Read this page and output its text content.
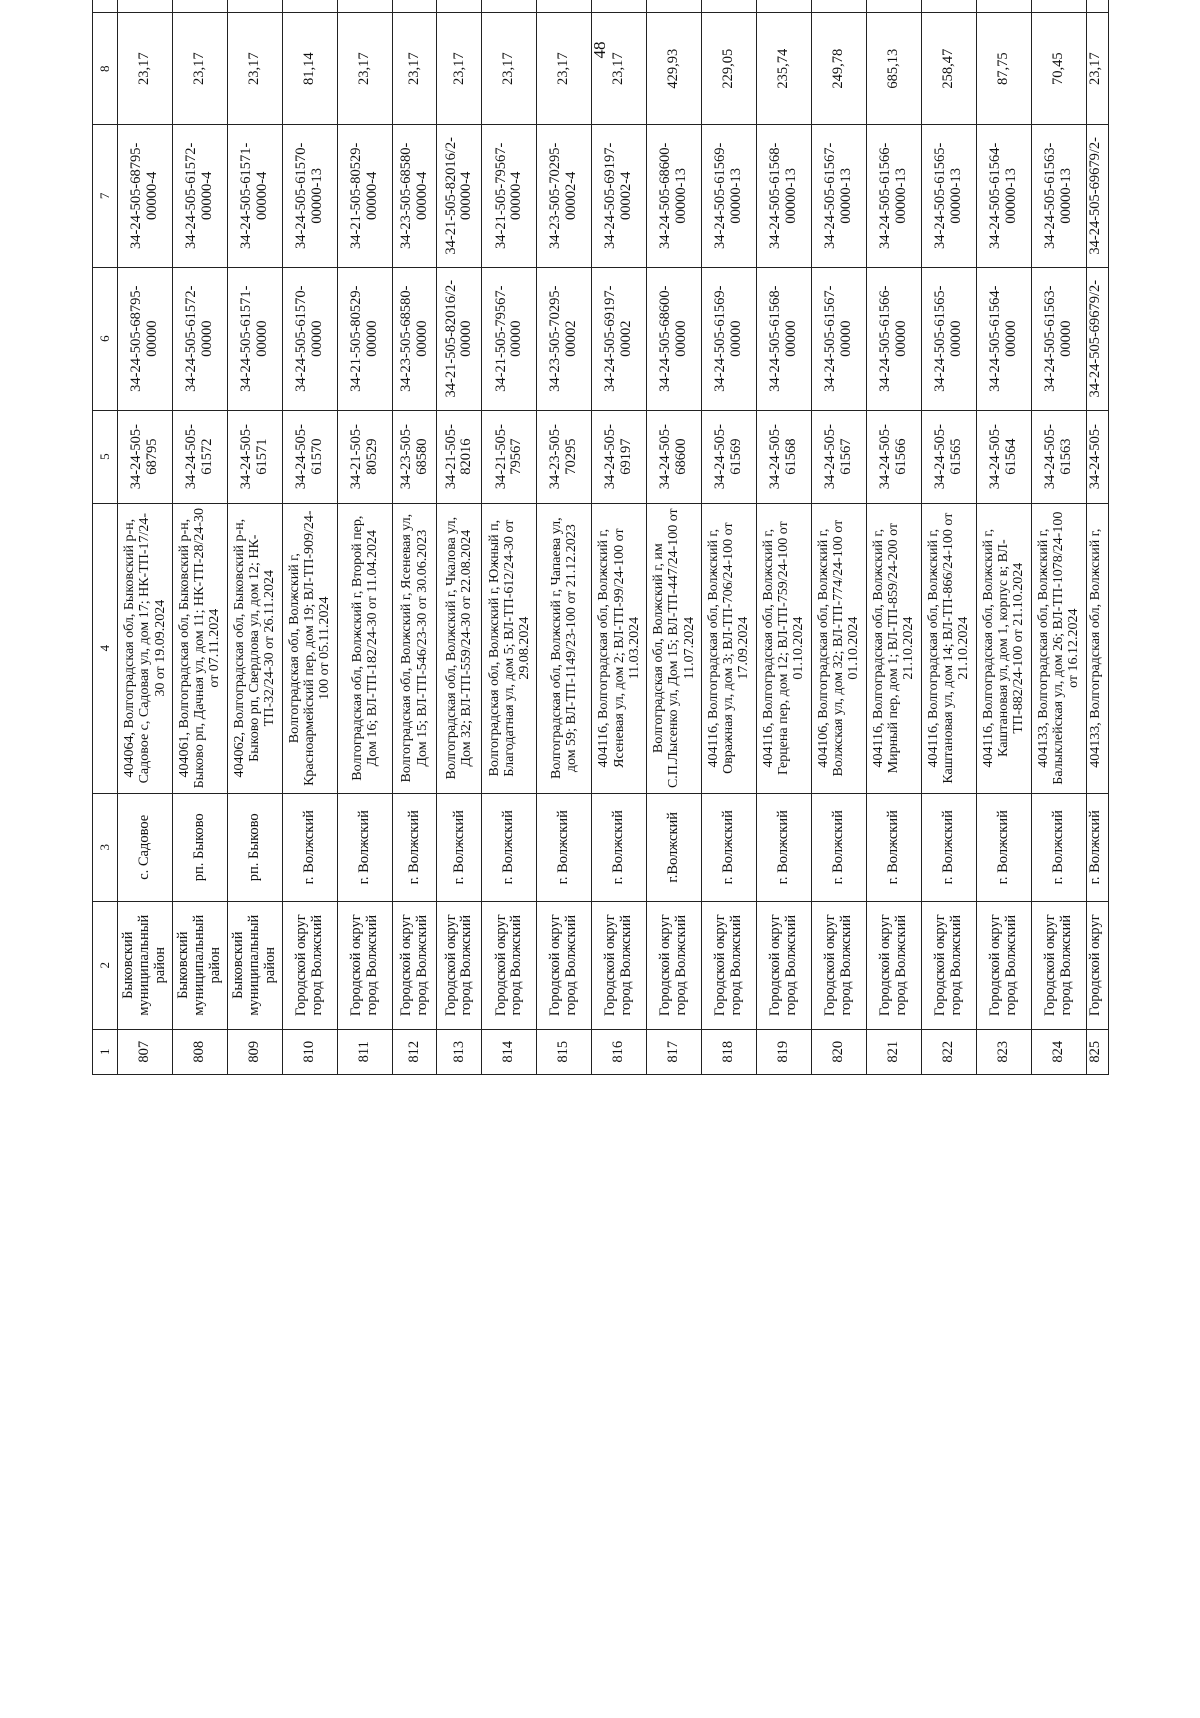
48
1	2	3	4	5	6	7	8					
807	Быковский муниципальный район	с. Садовое	404064, Волгоградская обл, Быковский р-н, Садовое с, Садовая ул, дом 17; НК-ТП-17/24-30 от 19.09.2024	34-24-505-68795	34-24-505-68795-00000	34-24-505-68795-00000-4	23,17					
808	Быковский муниципальный район	рп. Быково	404061, Волгоградская обл, Быковский р-н, Быково рп, Дачная ул, дом 11; НК-ТП-28/24-30 от 07.11.2024	34-24-505-61572	34-24-505-61572-00000	34-24-505-61572-00000-4	23,17					
809	Быковский муниципальный район	рп. Быково	404062, Волгоградская обл, Быковский р-н, Быково рп, Свердлова ул, дом 12; НК-ТП-32/24-30 от 26.11.2024	34-24-505-61571	34-24-505-61571-00000	34-24-505-61571-00000-4	23,17					
810	Городской округ город Волжский	г. Волжский	Волгоградская обл, Волжский г, Красноармейский пер, дом 19; ВЛ-ТП-909/24-100 от 05.11.2024	34-24-505-61570	34-24-505-61570-00000	34-24-505-61570-00000-13	81,14					
811	Городской округ город Волжский	г. Волжский	Волгоградская обл, Волжский г, Второй пер, Дом 16; ВЛ-ТП-182/24-30 от 11.04.2024	34-21-505-80529	34-21-505-80529-00000	34-21-505-80529-00000-4	23,17					
812	Городской округ город Волжский	г. Волжский	Волгоградская обл, Волжский г, Ясеневая ул, Дом 15; ВЛ-ТП-546/23-30 от 30.06.2023	34-23-505-68580	34-23-505-68580-00000	34-23-505-68580-00000-4	23,17					
813	Городской округ город Волжский	г. Волжский	Волгоградская обл, Волжский г, Чкалова ул, Дом 32; ВЛ-ТП-559/24-30 от 22.08.2024	34-21-505-82016	34-21-505-82016/2-00000	34-21-505-82016/2-00000-4	23,17					
814	Городской округ город Волжский	г. Волжский	Волгоградская обл, Волжский г, Южный п, Благодатная ул, дом 5; ВЛ-ТП-612/24-30 от 29.08.2024	34-21-505-79567	34-21-505-79567-00000	34-21-505-79567-00000-4	23,17					
815	Городской округ город Волжский	г. Волжский	Волгоградская обл, Волжский г, Чапаева ул, дом 59; ВЛ-ТП-1149/23-100 от 21.12.2023	34-23-505-70295	34-23-505-70295-00002	34-23-505-70295-00002-4	23,17					
816	Городской округ город Волжский	г. Волжский	404116, Волгоградская обл, Волжский г, Ясеневая ул, дом 2; ВЛ-ТП-99/24-100 от 11.03.2024	34-24-505-69197	34-24-505-69197-00002	34-24-505-69197-00002-4	23,17					
817	Городской округ город Волжский	г.Волжский	Волгоградская обл, Волжский г, им С.П.Лысенко ул, Дом 15; ВЛ-ТП-447/24-100 от 11.07.2024	34-24-505-68600	34-24-505-68600-00000	34-24-505-68600-00000-13	429,93					
818	Городской округ город Волжский	г. Волжский	404116, Волгоградская обл, Волжский г, Овражная ул, дом 3; ВЛ-ТП-706/24-100 от 17.09.2024	34-24-505-61569	34-24-505-61569-00000	34-24-505-61569-00000-13	229,05					
819	Городской округ город Волжский	г. Волжский	404116, Волгоградская обл, Волжский г, Герцена пер, дом 12; ВЛ-ТП-759/24-100 от 01.10.2024	34-24-505-61568	34-24-505-61568-00000	34-24-505-61568-00000-13	235,74					
820	Городской округ город Волжский	г. Волжский	404106, Волгоградская обл, Волжский г, Волжская ул, дом 32; ВЛ-ТП-774/24-100 от 01.10.2024	34-24-505-61567	34-24-505-61567-00000	34-24-505-61567-00000-13	249,78					
821	Городской округ город Волжский	г. Волжский	404116, Волгоградская обл, Волжский г, Мирный пер, дом 1; ВЛ-ТП-859/24-200 от 21.10.2024	34-24-505-61566	34-24-505-61566-00000	34-24-505-61566-00000-13	685,13					
822	Городской округ город Волжский	г. Волжский	404116, Волгоградская обл, Волжский г, Каштановая ул, дом 14; ВЛ-ТП-866/24-100 от 21.10.2024	34-24-505-61565	34-24-505-61565-00000	34-24-505-61565-00000-13	258,47					
823	Городской округ город Волжский	г. Волжский	404116, Волгоградская обл, Волжский г, Каштановая ул, дом 1, корпус в; ВЛ-ТП-882/24-100 от 21.10.2024	34-24-505-61564	34-24-505-61564-00000	34-24-505-61564-00000-13	87,75					
824	Городской округ город Волжский	г. Волжский	404133, Волгоградская обл, Волжский г, Балыклейская ул, дом 26; ВЛ-ТП-1078/24-100 от 16.12.2024	34-24-505-61563	34-24-505-61563-00000	34-24-505-61563-00000-13	70,45					
825	Городской округ	г. Волжский	404133, Волгоградская обл, Волжский г,	34-24-505-	34-24-505-69679/2-	34-24-505-69679/2-	23,17					
